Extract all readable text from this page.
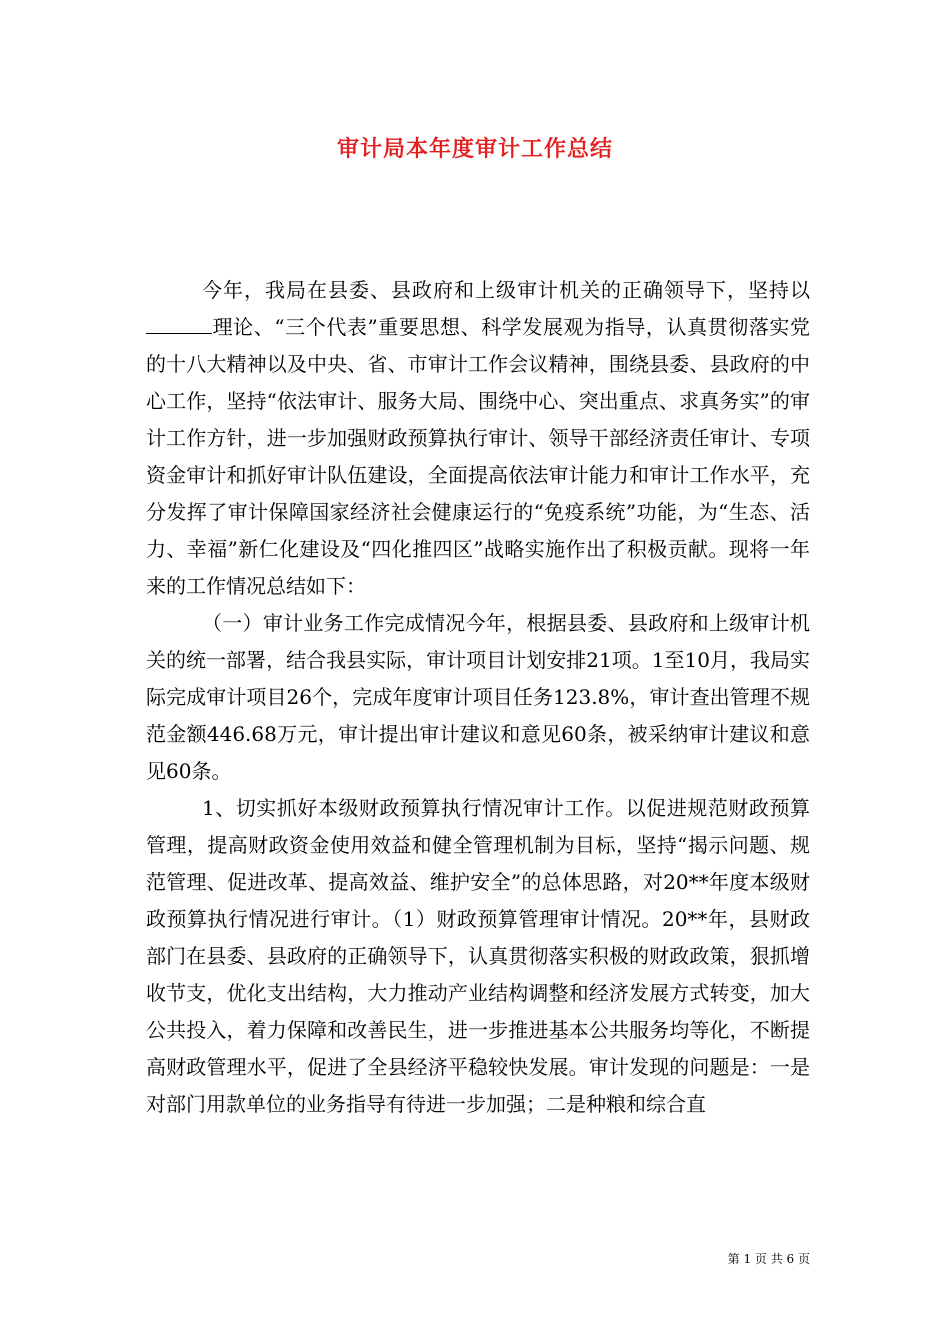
审计局本年度审计工作总结

今年，我局在县委、县政府和上级审计机关的正确领导下，坚持以理论、“三个代表”重要思想、科学发展观为指导，认真贯彻落实党的十八大精神以及中央、省、市审计工作会议精神，围绕县委、县政府的中心工作，坚持“依法审计、服务大局、围绕中心、突出重点、求真务实”的审计工作方针，进一步加强财政预算执行审计、领导干部经济责任审计、专项资金审计和抓好审计队伍建设，全面提高依法审计能力和审计工作水平，充分发挥了审计保障国家经济社会健康运行的“免疫系统”功能，为“生态、活力、幸福”新仁化建设及“四化推四区”战略实施作出了积极贡献。现将一年来的工作情况总结如下：

（一）审计业务工作完成情况今年，根据县委、县政府和上级审计机关的统一部署，结合我县实际，审计项目计划安排21项。1至10月，我局实际完成审计项目26个，完成年度审计项目任务123.8%，审计查出管理不规范金额446.68万元，审计提出审计建议和意见60条，被采纳审计建议和意见60条。

1、切实抓好本级财政预算执行情况审计工作。以促进规范财政预算管理，提高财政资金使用效益和健全管理机制为目标，坚持“揭示问题、规范管理、促进改革、提高效益、维护安全”的总体思路，对20**年度本级财政预算执行情况进行审计。（1）财政预算管理审计情况。20**年，县财政部门在县委、县政府的正确领导下，认真贯彻落实积极的财政政策，狠抓增收节支，优化支出结构，大力推动产业结构调整和经济发展方式转变，加大公共投入，着力保障和改善民生，进一步推进基本公共服务均等化，不断提高财政管理水平，促进了全县经济平稳较快发展。审计发现的问题是：一是对部门用款单位的业务指导有待进一步加强；二是种粮和综合直

第 1 页 共 6 页
